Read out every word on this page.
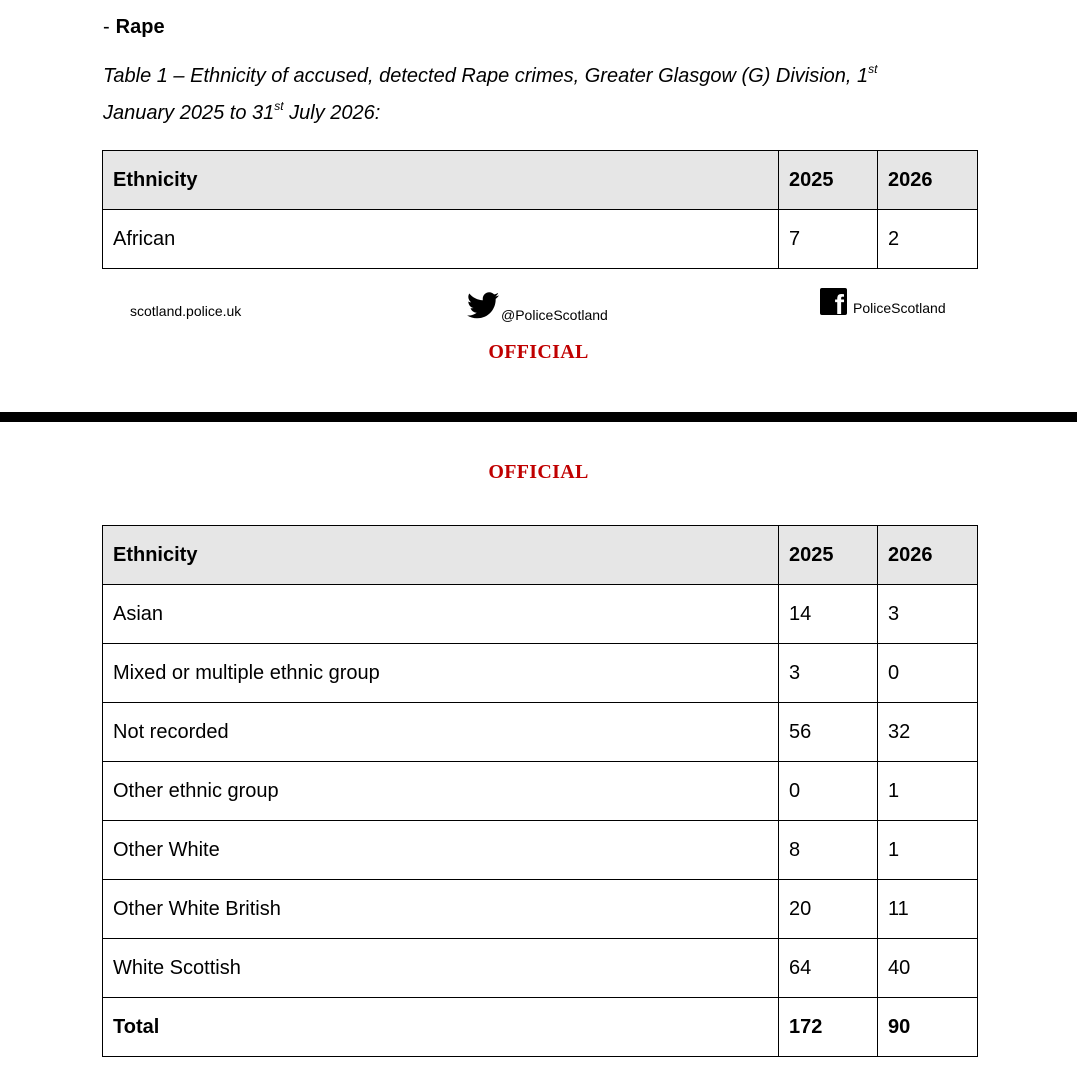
- Rape
Table 1 – Ethnicity of accused, detected Rape crimes, Greater Glasgow (G) Division, 1st
January 2025 to 31st July 2026:
Ethnicity	2025	2026
African	7	2
scotland.police.uk	@PoliceScotland	f PoliceScotland
OFFICIAL
OFFICIAL
Ethnicity	2025	2026
Asian	14	3
Mixed or multiple ethnic group	3	0
Not recorded	56	32
Other ethnic group	0	1
Other White	8	1
Other White British	20	11
White Scottish	64	40
Total	172	90
